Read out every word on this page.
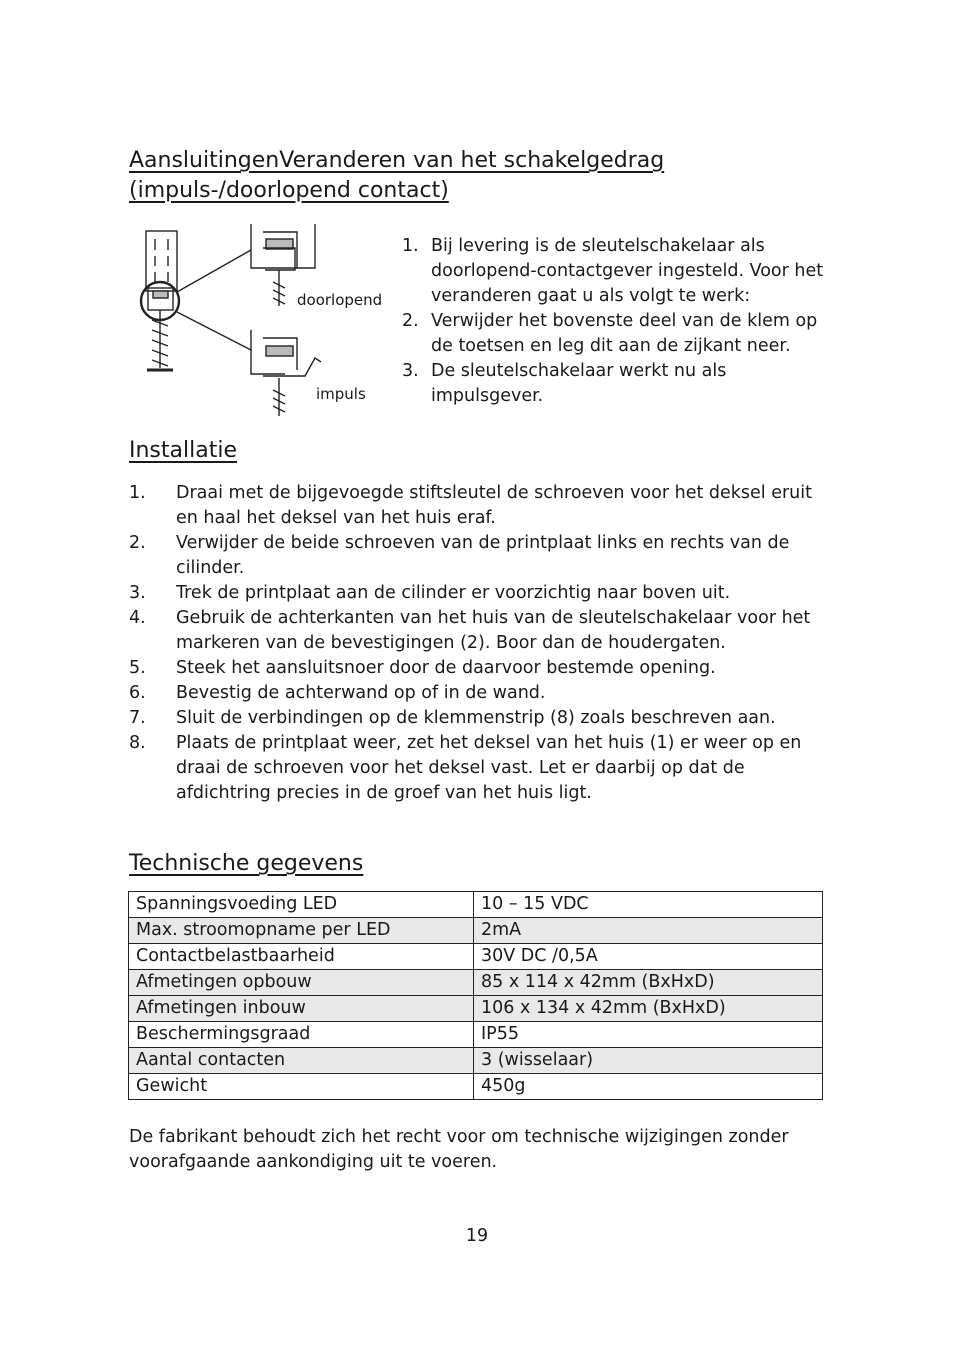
AansluitingenVeranderen van het schakelgedrag (impuls-/doorlopend contact)
doorlopend
impuls
1. Bij levering is de sleutelschakelaar als doorlopend-contactgever ingesteld. Voor het veranderen gaat u als volgt te werk:
2. Verwijder het bovenste deel van de klem op de toetsen en leg dit aan de zijkant neer.
3. De sleutelschakelaar werkt nu als impulsgever.
Installatie
1. Draai met de bijgevoegde stiftsleutel de schroeven voor het deksel eruit en haal het deksel van het huis eraf.
2. Verwijder de beide schroeven van de printplaat links en rechts van de cilinder.
3. Trek de printplaat aan de cilinder er voorzichtig naar boven uit.
4. Gebruik de achterkanten van het huis van de sleutelschakelaar voor het markeren van de bevestigingen (2). Boor dan de houdergaten.
5. Steek het aansluitsnoer door de daarvoor bestemde opening.
6. Bevestig de achterwand op of in de wand.
7. Sluit de verbindingen op de klemmenstrip (8) zoals beschreven aan.
8. Plaats de printplaat weer, zet het deksel van het huis (1) er weer op en draai de schroeven voor het deksel vast. Let er daarbij op dat de afdichtring precies in de groef van het huis ligt.
Technische gegevens
Spanningsvoeding LED	10 – 15 VDC
Max. stroomopname per LED	2mA
Contactbelastbaarheid	30V DC /0,5A
Afmetingen opbouw	85 x 114 x 42mm (BxHxD)
Afmetingen inbouw	106 x 134 x 42mm (BxHxD)
Beschermingsgraad	IP55
Aantal contacten	3 (wisselaar)
Gewicht	450g

De fabrikant behoudt zich het recht voor om technische wijzigingen zonder voorafgaande aankondiging uit te voeren.

19
